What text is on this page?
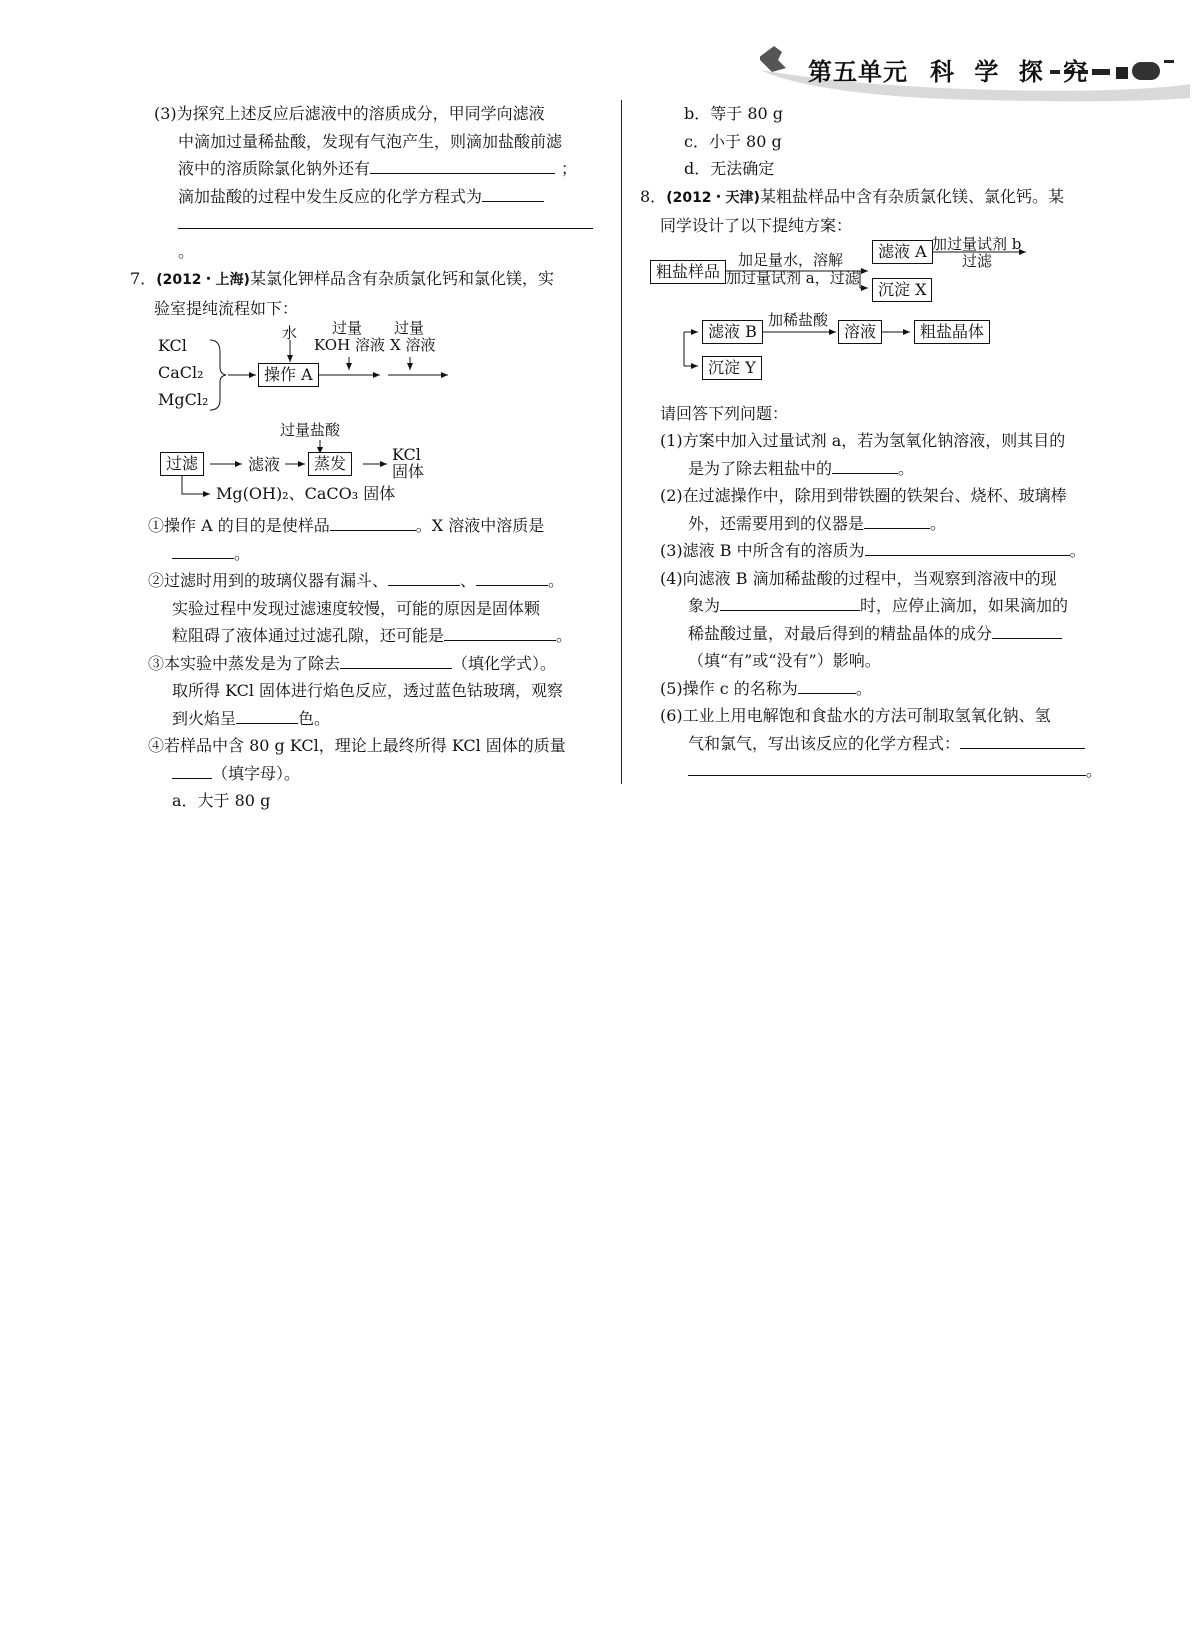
第五单元 科 学 探 究

(3)为探究上述反应后滤液中的溶质成分，甲同学向滤液

中滴加过量稀盐酸，发现有气泡产生，则滴加盐酸前滤

液中的溶质除氯化钠外还有	；

滴加盐酸的过程中发生反应的化学方程式为

。

7．(2012・上海)某氯化钾样品含有杂质氯化钙和氯化镁，实

验室提纯流程如下：

KCl
CaCl₂
MgCl₂
水
操作 A
过量
KOH 溶液
过量
X 溶液
过量盐酸
过滤	滤液	蒸发	KCl
固体
Mg(OH)₂、CaCO₃ 固体

①操作 A 的目的是使样品	。X 溶液中溶质是

。

②过滤时用到的玻璃仪器有漏斗、	、	。

实验过程中发现过滤速度较慢，可能的原因是固体颗

粒阻碍了液体通过过滤孔隙，还可能是	。

③本实验中蒸发是为了除去	（填化学式）。

取所得 KCl 固体进行焰色反应，透过蓝色钴玻璃，观察

到火焰呈	色。

④若样品中含 80 g KCl，理论上最终所得 KCl 固体的质量

（填字母）。

a．大于 80 g

b．等于 80 g

c．小于 80 g

d．无法确定

8．(2012・天津)某粗盐样品中含有杂质氯化镁、氯化钙。某

同学设计了以下提纯方案：

粗盐样品
加足量水，溶解
加过量试剂 a，过滤
滤液 A
沉淀 X
加过量试剂 b
过滤
滤液 B
加稀盐酸
溶液	粗盐晶体
沉淀 Y

请回答下列问题：

(1)方案中加入过量试剂 a，若为氢氧化钠溶液，则其目的

是为了除去粗盐中的	。

(2)在过滤操作中，除用到带铁圈的铁架台、烧杯、玻璃棒

外，还需要用到的仪器是	。

(3)滤液 B 中所含有的溶质为	。

(4)向滤液 B 滴加稀盐酸的过程中，当观察到溶液中的现

象为	时，应停止滴加，如果滴加的

稀盐酸过量，对最后得到的精盐晶体的成分

（填“有”或“没有”）影响。

(5)操作 c 的名称为	。

(6)工业上用电解饱和食盐水的方法可制取氢氧化钠、氢

气和氯气，写出该反应的化学方程式：

。
